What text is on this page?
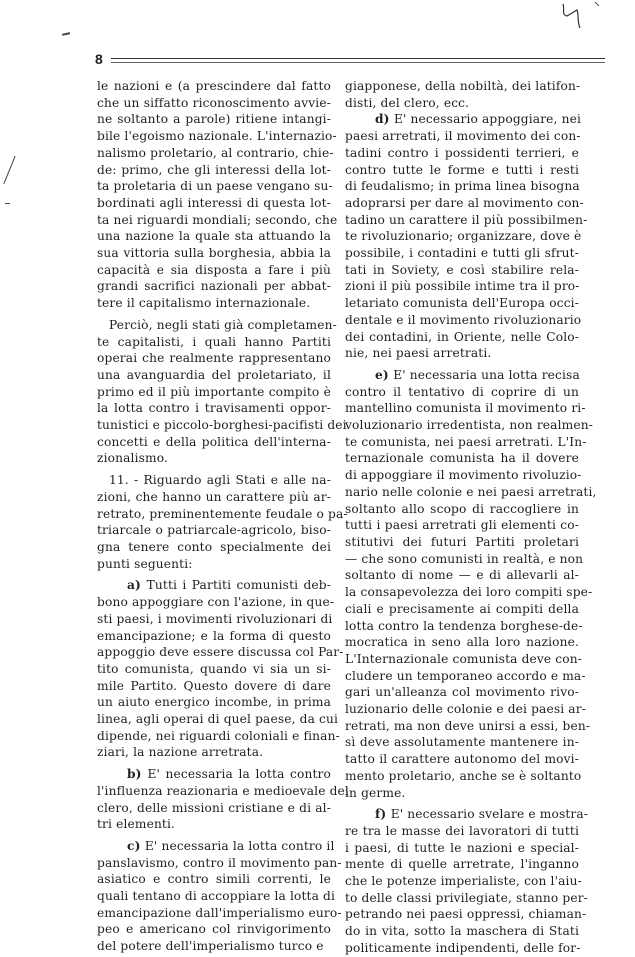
8
le nazioni e (a prescindere dal fatto
che un siffatto riconoscimento avvie-
ne soltanto a parole) ritiene intangi-
bile l'egoismo nazionale. L'internazio-
nalismo proletario, al contrario, chie-
de: primo, che gli interessi della lot-
ta proletaria di un paese vengano su-
bordinati agli interessi di questa lot-
ta nei riguardi mondiali; secondo, che
una nazione la quale sta attuando la
sua vittoria sulla borghesia, abbia la
capacità e sia disposta a fare i più
grandi sacrifici nazionali per abbat-
tere il capitalismo internazionale.
Perciò, negli stati già completamen-
te capitalisti, i quali hanno Partiti
operai che realmente rappresentano
una avanguardia del proletariato, il
primo ed il più importante compito è
la lotta contro i travisamenti oppor-
tunistici e piccolo-borghesi-pacifisti dei
concetti e della politica dell'interna-
zionalismo.
11. - Riguardo agli Stati e alle na-
zioni, che hanno un carattere più ar-
retrato, preminentemente feudale o pa-
triarcale o patriarcale-agricolo, biso-
gna tenere conto specialmente dei
punti seguenti:
a) Tutti i Partiti comunisti deb-
bono appoggiare con l'azione, in que-
sti paesi, i movimenti rivoluzionari di
emancipazione; e la forma di questo
appoggio deve essere discussa col Par-
tito comunista, quando vi sia un si-
mile Partito. Questo dovere di dare
un aiuto energico incombe, in prima
linea, agli operai di quel paese, da cui
dipende, nei riguardi coloniali e finan-
ziari, la nazione arretrata.
b) E' necessaria la lotta contro
l'influenza reazionaria e medioevale del
clero, delle missioni cristiane e di al-
tri elementi.
c) E' necessaria la lotta contro il
panslavismo, contro il movimento pan-
asiatico e contro simili correnti, le
quali tentano di accoppiare la lotta di
emancipazione dall'imperialismo euro-
peo e americano col rinvigorimento
del potere dell'imperialismo turco e
giapponese, della nobiltà, dei latifon-
disti, del clero, ecc.
d) E' necessario appoggiare, nei
paesi arretrati, il movimento dei con-
tadini contro i possidenti terrieri, e
contro tutte le forme e tutti i resti
di feudalismo; in prima linea bisogna
adoprarsi per dare al movimento con-
tadino un carattere il più possibilmen-
te rivoluzionario; organizzare, dove è
possibile, i contadini e tutti gli sfrut-
tati in Soviety, e così stabilire rela-
zioni il più possibile intime tra il pro-
letariato comunista dell'Europa occi-
dentale e il movimento rivoluzionario
dei contadini, in Oriente, nelle Colo-
nie, nei paesi arretrati.
e) E' necessaria una lotta recisa
contro il tentativo di coprire di un
mantellino comunista il movimento ri-
voluzionario irredentista, non realmen-
te comunista, nei paesi arretrati. L'In-
ternazionale comunista ha il dovere
di appoggiare il movimento rivoluzio-
nario nelle colonie e nei paesi arretrati,
soltanto allo scopo di raccogliere in
tutti i paesi arretrati gli elementi co-
stitutivi dei futuri Partiti proletari
— che sono comunisti in realtà, e non
soltanto di nome — e di allevarli al-
la consapevolezza dei loro compiti spe-
ciali e precisamente ai compiti della
lotta contro la tendenza borghese-de-
mocratica in seno alla loro nazione.
L'Internazionale comunista deve con-
cludere un temporaneo accordo e ma-
gari un'alleanza col movimento rivo-
luzionario delle colonie e dei paesi ar-
retrati, ma non deve unirsi a essi, ben-
sì deve assolutamente mantenere in-
tatto il carattere autonomo del movi-
mento proletario, anche se è soltanto
in germe.
f) E' necessario svelare e mostra-
re tra le masse dei lavoratori di tutti
i paesi, di tutte le nazioni e special-
mente di quelle arretrate, l'inganno
che le potenze imperialiste, con l'aiu-
to delle classi privilegiate, stanno per-
petrando nei paesi oppressi, chiaman-
do in vita, sotto la maschera di Stati
politicamente indipendenti, delle for-
